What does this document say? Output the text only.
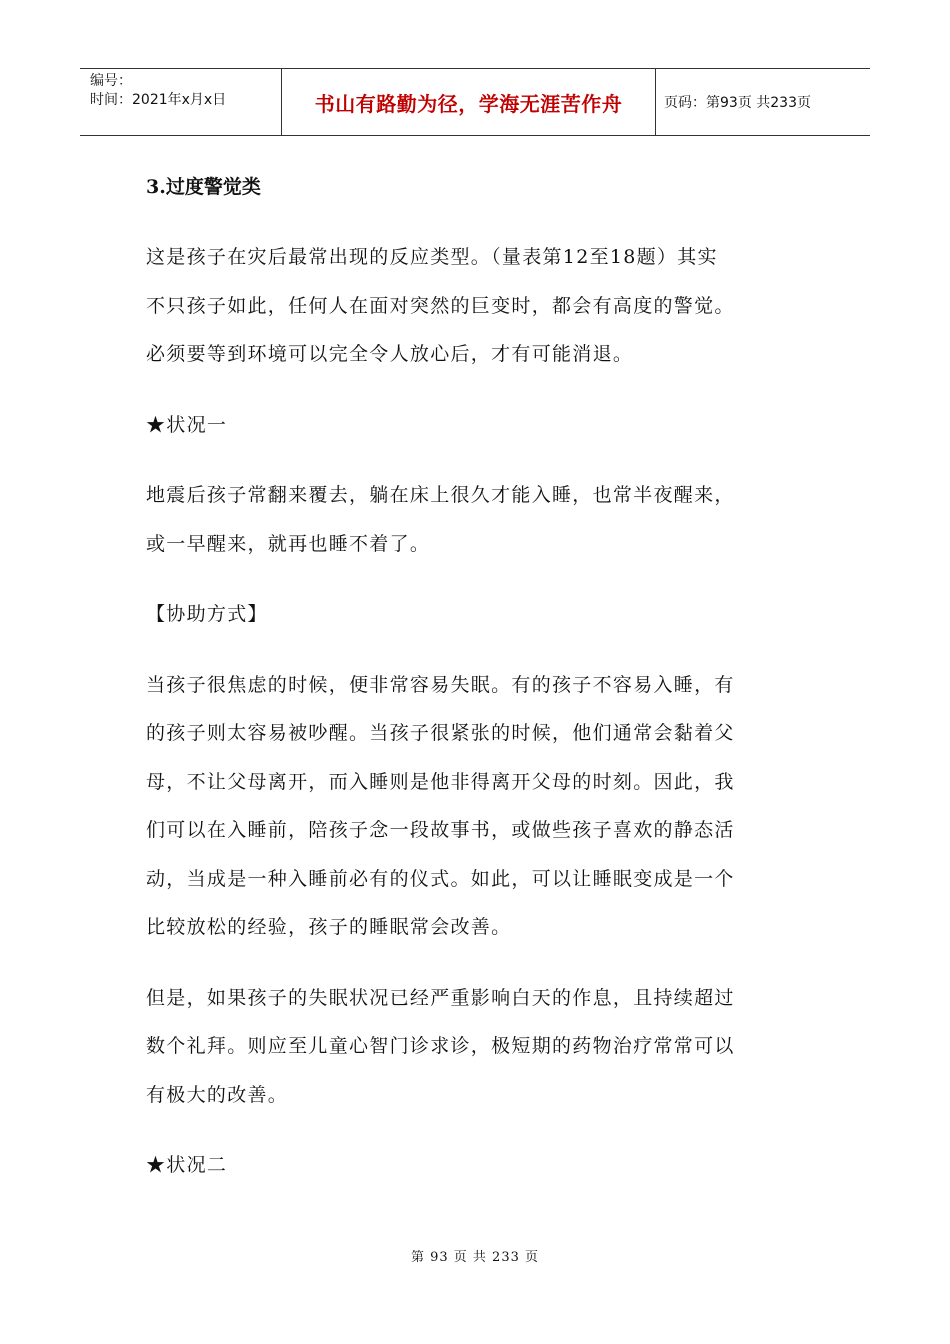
编号：
时间：2021年x月x日	书山有路勤为径，学海无涯苦作舟	页码：第93页 共233页

3.过度警觉类

这是孩子在灾后最常出现的反应类型。（量表第12至18题）其实

不只孩子如此，任何人在面对突然的巨变时，都会有高度的警觉。

必须要等到环境可以完全令人放心后，才有可能消退。

★状况一

地震后孩子常翻来覆去，躺在床上很久才能入睡，也常半夜醒来，

或一早醒来，就再也睡不着了。

【协助方式】

当孩子很焦虑的时候，便非常容易失眠。有的孩子不容易入睡，有

的孩子则太容易被吵醒。当孩子很紧张的时候，他们通常会黏着父

母，不让父母离开，而入睡则是他非得离开父母的时刻。因此，我

们可以在入睡前，陪孩子念一段故事书，或做些孩子喜欢的静态活

动，当成是一种入睡前必有的仪式。如此，可以让睡眠变成是一个

比较放松的经验，孩子的睡眠常会改善。

但是，如果孩子的失眠状况已经严重影响白天的作息，且持续超过

数个礼拜。则应至儿童心智门诊求诊，极短期的药物治疗常常可以

有极大的改善。

★状况二

第 93 页 共 233 页
